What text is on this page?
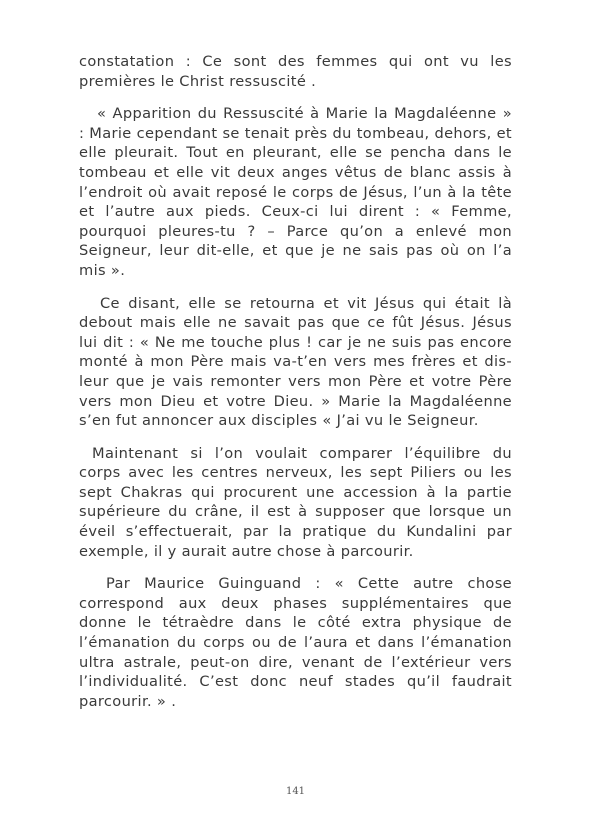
constatation : Ce sont des femmes qui ont vu les premières le Christ ressuscité .

« Apparition du Ressuscité à Marie la Magdaléenne » : Marie cependant se tenait près du tombeau, dehors, et elle pleurait. Tout en pleurant, elle se pencha dans le tombeau et elle vit deux anges vêtus de blanc assis à l’endroit où avait reposé le corps de Jésus, l’un à la tête et l’autre aux pieds. Ceux-ci lui dirent : « Femme, pourquoi pleures-tu ? – Parce qu’on a enlevé mon Seigneur, leur dit-elle, et que je ne sais pas où on l’a mis ».

Ce disant, elle se retourna et vit Jésus qui était là debout mais elle ne savait pas que ce fût Jésus. Jésus lui dit : « Ne me touche plus ! car je ne suis pas encore monté à mon Père mais va-t’en vers mes frères et dis-leur que je vais remonter vers mon Père et votre Père vers mon Dieu et votre Dieu. » Marie la Magdaléenne s’en fut annoncer aux disciples « J’ai vu le Seigneur.

Maintenant si l’on voulait comparer l’équilibre du corps avec les centres nerveux, les sept Piliers ou les sept Chakras qui procurent une accession à la partie supérieure du crâne, il est à supposer que lorsque un éveil s’effectuerait, par la pratique du Kundalini par exemple, il y aurait autre chose à parcourir.

Par Maurice Guinguand : « Cette autre chose correspond aux deux phases supplémentaires que donne le tétraèdre dans le côté extra physique de l’émanation du corps ou de l’aura et dans l’émanation ultra astrale, peut-on dire, venant de l’extérieur vers l’individualité. C’est donc neuf stades qu’il faudrait parcourir. » .

141
